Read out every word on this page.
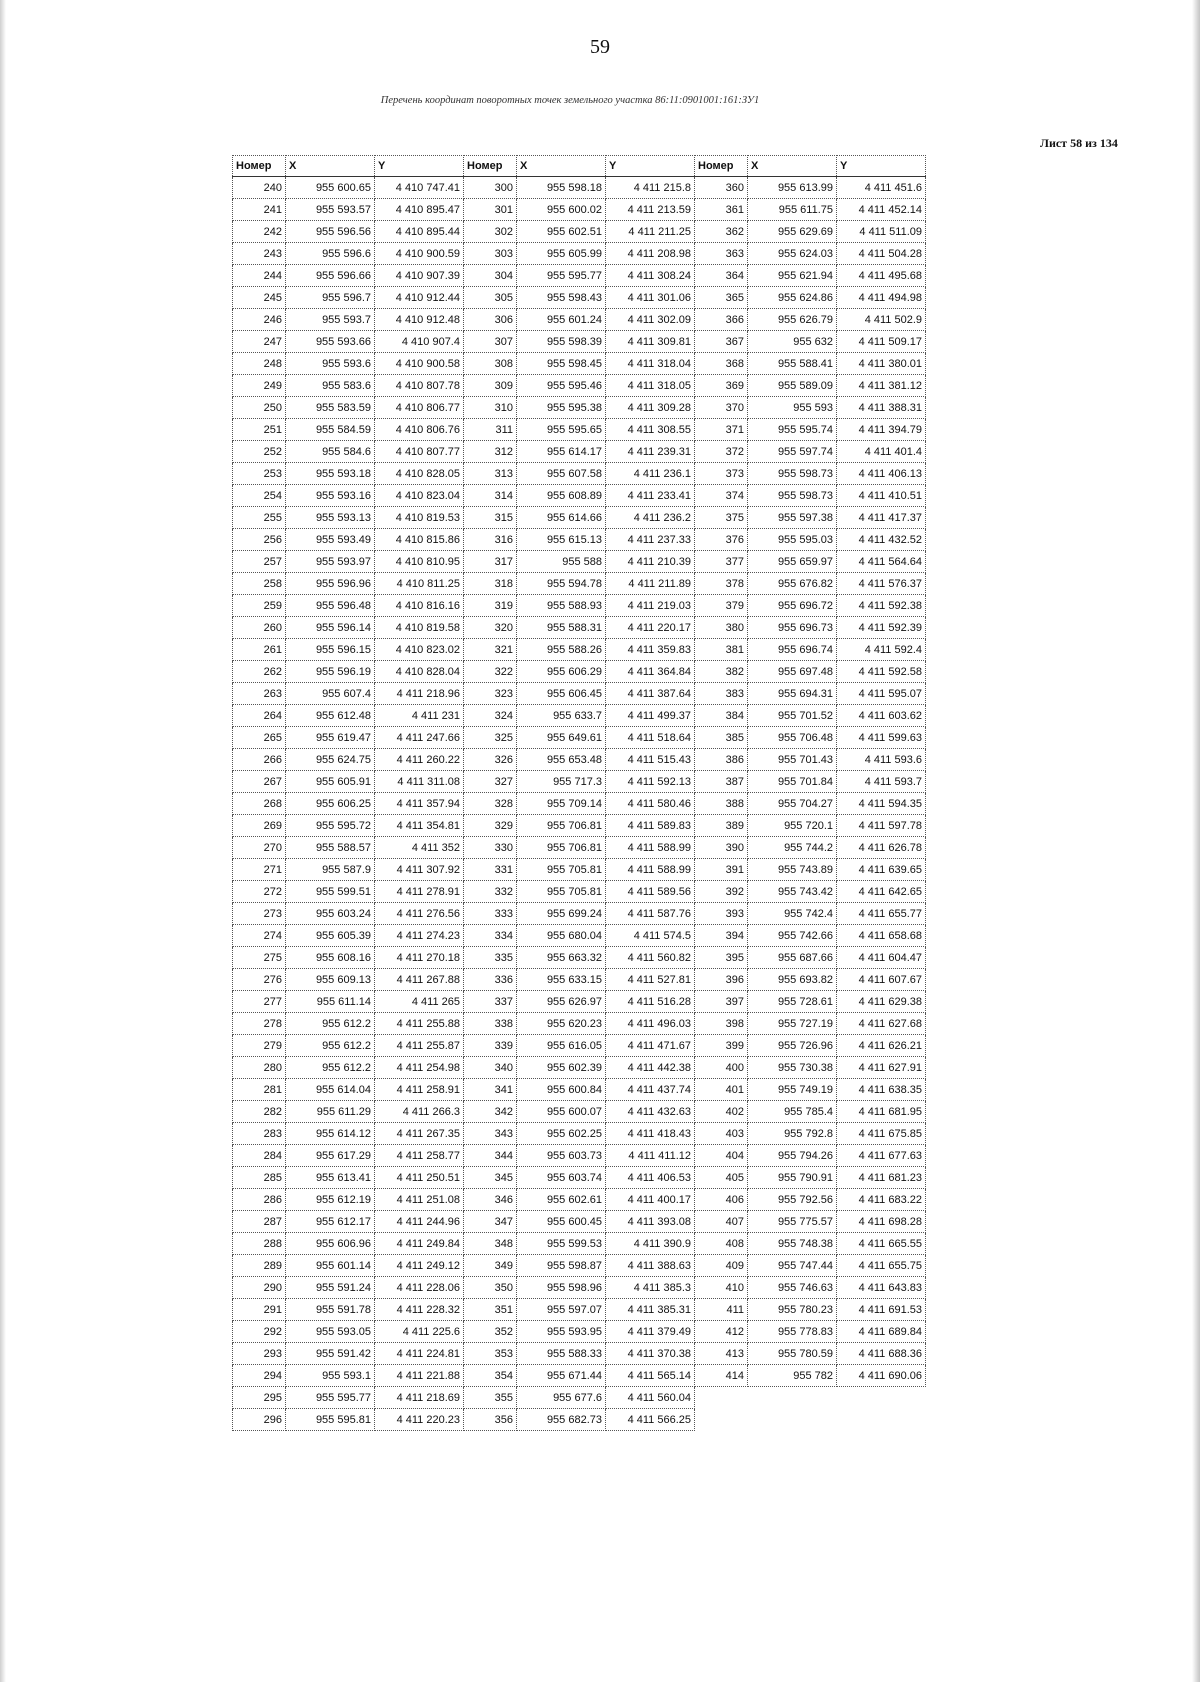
59
Перечень координат поворотных точек земельного участка 86:11:0901001:161:ЗУ1
Лист 58 из 134
Номер	X	Y	Номер	X	Y	Номер	X	Y
240	955 600.65	4 410 747.41	300	955 598.18	4 411 215.8	360	955 613.99	4 411 451.6
241	955 593.57	4 410 895.47	301	955 600.02	4 411 213.59	361	955 611.75	4 411 452.14
242	955 596.56	4 410 895.44	302	955 602.51	4 411 211.25	362	955 629.69	4 411 511.09
243	955 596.6	4 410 900.59	303	955 605.99	4 411 208.98	363	955 624.03	4 411 504.28
244	955 596.66	4 410 907.39	304	955 595.77	4 411 308.24	364	955 621.94	4 411 495.68
245	955 596.7	4 410 912.44	305	955 598.43	4 411 301.06	365	955 624.86	4 411 494.98
246	955 593.7	4 410 912.48	306	955 601.24	4 411 302.09	366	955 626.79	4 411 502.9
247	955 593.66	4 410 907.4	307	955 598.39	4 411 309.81	367	955 632	4 411 509.17
248	955 593.6	4 410 900.58	308	955 598.45	4 411 318.04	368	955 588.41	4 411 380.01
249	955 583.6	4 410 807.78	309	955 595.46	4 411 318.05	369	955 589.09	4 411 381.12
250	955 583.59	4 410 806.77	310	955 595.38	4 411 309.28	370	955 593	4 411 388.31
251	955 584.59	4 410 806.76	311	955 595.65	4 411 308.55	371	955 595.74	4 411 394.79
252	955 584.6	4 410 807.77	312	955 614.17	4 411 239.31	372	955 597.74	4 411 401.4
253	955 593.18	4 410 828.05	313	955 607.58	4 411 236.1	373	955 598.73	4 411 406.13
254	955 593.16	4 410 823.04	314	955 608.89	4 411 233.41	374	955 598.73	4 411 410.51
255	955 593.13	4 410 819.53	315	955 614.66	4 411 236.2	375	955 597.38	4 411 417.37
256	955 593.49	4 410 815.86	316	955 615.13	4 411 237.33	376	955 595.03	4 411 432.52
257	955 593.97	4 410 810.95	317	955 588	4 411 210.39	377	955 659.97	4 411 564.64
258	955 596.96	4 410 811.25	318	955 594.78	4 411 211.89	378	955 676.82	4 411 576.37
259	955 596.48	4 410 816.16	319	955 588.93	4 411 219.03	379	955 696.72	4 411 592.38
260	955 596.14	4 410 819.58	320	955 588.31	4 411 220.17	380	955 696.73	4 411 592.39
261	955 596.15	4 410 823.02	321	955 588.26	4 411 359.83	381	955 696.74	4 411 592.4
262	955 596.19	4 410 828.04	322	955 606.29	4 411 364.84	382	955 697.48	4 411 592.58
263	955 607.4	4 411 218.96	323	955 606.45	4 411 387.64	383	955 694.31	4 411 595.07
264	955 612.48	4 411 231	324	955 633.7	4 411 499.37	384	955 701.52	4 411 603.62
265	955 619.47	4 411 247.66	325	955 649.61	4 411 518.64	385	955 706.48	4 411 599.63
266	955 624.75	4 411 260.22	326	955 653.48	4 411 515.43	386	955 701.43	4 411 593.6
267	955 605.91	4 411 311.08	327	955 717.3	4 411 592.13	387	955 701.84	4 411 593.7
268	955 606.25	4 411 357.94	328	955 709.14	4 411 580.46	388	955 704.27	4 411 594.35
269	955 595.72	4 411 354.81	329	955 706.81	4 411 589.83	389	955 720.1	4 411 597.78
270	955 588.57	4 411 352	330	955 706.81	4 411 588.99	390	955 744.2	4 411 626.78
271	955 587.9	4 411 307.92	331	955 705.81	4 411 588.99	391	955 743.89	4 411 639.65
272	955 599.51	4 411 278.91	332	955 705.81	4 411 589.56	392	955 743.42	4 411 642.65
273	955 603.24	4 411 276.56	333	955 699.24	4 411 587.76	393	955 742.4	4 411 655.77
274	955 605.39	4 411 274.23	334	955 680.04	4 411 574.5	394	955 742.66	4 411 658.68
275	955 608.16	4 411 270.18	335	955 663.32	4 411 560.82	395	955 687.66	4 411 604.47
276	955 609.13	4 411 267.88	336	955 633.15	4 411 527.81	396	955 693.82	4 411 607.67
277	955 611.14	4 411 265	337	955 626.97	4 411 516.28	397	955 728.61	4 411 629.38
278	955 612.2	4 411 255.88	338	955 620.23	4 411 496.03	398	955 727.19	4 411 627.68
279	955 612.2	4 411 255.87	339	955 616.05	4 411 471.67	399	955 726.96	4 411 626.21
280	955 612.2	4 411 254.98	340	955 602.39	4 411 442.38	400	955 730.38	4 411 627.91
281	955 614.04	4 411 258.91	341	955 600.84	4 411 437.74	401	955 749.19	4 411 638.35
282	955 611.29	4 411 266.3	342	955 600.07	4 411 432.63	402	955 785.4	4 411 681.95
283	955 614.12	4 411 267.35	343	955 602.25	4 411 418.43	403	955 792.8	4 411 675.85
284	955 617.29	4 411 258.77	344	955 603.73	4 411 411.12	404	955 794.26	4 411 677.63
285	955 613.41	4 411 250.51	345	955 603.74	4 411 406.53	405	955 790.91	4 411 681.23
286	955 612.19	4 411 251.08	346	955 602.61	4 411 400.17	406	955 792.56	4 411 683.22
287	955 612.17	4 411 244.96	347	955 600.45	4 411 393.08	407	955 775.57	4 411 698.28
288	955 606.96	4 411 249.84	348	955 599.53	4 411 390.9	408	955 748.38	4 411 665.55
289	955 601.14	4 411 249.12	349	955 598.87	4 411 388.63	409	955 747.44	4 411 655.75
290	955 591.24	4 411 228.06	350	955 598.96	4 411 385.3	410	955 746.63	4 411 643.83
291	955 591.78	4 411 228.32	351	955 597.07	4 411 385.31	411	955 780.23	4 411 691.53
292	955 593.05	4 411 225.6	352	955 593.95	4 411 379.49	412	955 778.83	4 411 689.84
293	955 591.42	4 411 224.81	353	955 588.33	4 411 370.38	413	955 780.59	4 411 688.36
294	955 593.1	4 411 221.88	354	955 671.44	4 411 565.14	414	955 782	4 411 690.06
295	955 595.77	4 411 218.69	355	955 677.6	4 411 560.04			
296	955 595.81	4 411 220.23	356	955 682.73	4 411 566.25			
